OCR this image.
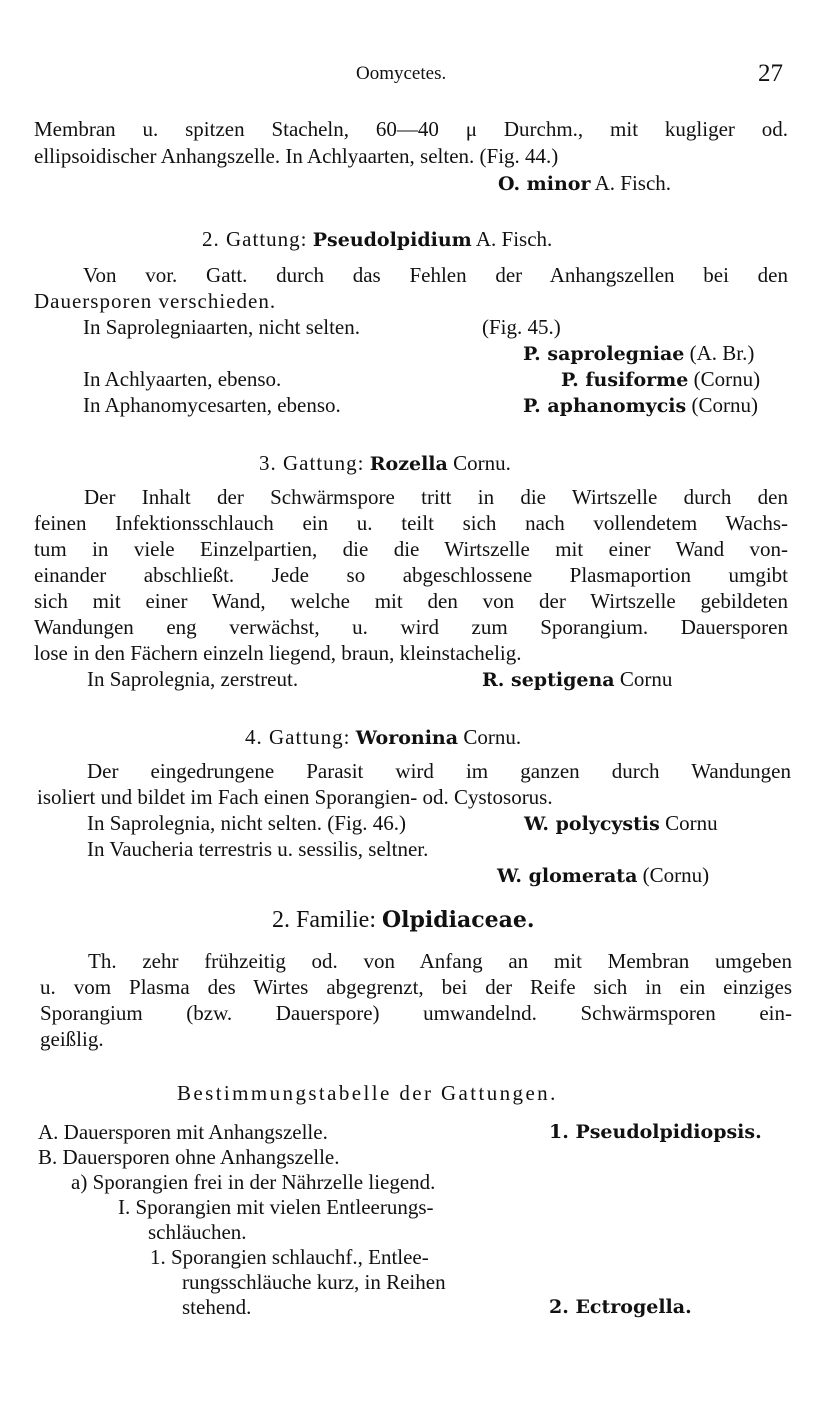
Oomycetes.	27
Membran u. spitzen Stacheln, 60—40 μ Durchm., mit kugliger od.
ellipsoidischer Anhangszelle. In Achlyaarten, selten. (Fig. 44.)
O. minor A. Fisch.
2. Gattung: Pseudolpidium A. Fisch.
Von vor. Gatt. durch das Fehlen der Anhangszellen bei den
Dauersporen verschieden.
In Saprolegniaarten, nicht selten.	(Fig. 45.)
P. saprolegniae (A. Br.)
In Achlyaarten, ebenso.	P. fusiforme (Cornu)
In Aphanomycesarten, ebenso.	P. aphanomycis (Cornu)
3. Gattung: Rozella Cornu.
Der Inhalt der Schwärmspore tritt in die Wirtszelle durch den
feinen Infektionsschlauch ein u. teilt sich nach vollendetem Wachs-
tum in viele Einzelpartien, die die Wirtszelle mit einer Wand von-
einander abschließt. Jede so abgeschlossene Plasmaportion umgibt
sich mit einer Wand, welche mit den von der Wirtszelle gebildeten
Wandungen eng verwächst, u. wird zum Sporangium. Dauersporen
lose in den Fächern einzeln liegend, braun, kleinstachelig.
In Saprolegnia, zerstreut.	R. septigena Cornu
4. Gattung: Woronina Cornu.
Der eingedrungene Parasit wird im ganzen durch Wandungen
isoliert und bildet im Fach einen Sporangien- od. Cystosorus.
In Saprolegnia, nicht selten. (Fig. 46.)	W. polycystis Cornu
In Vaucheria terrestris u. sessilis, seltner.
W. glomerata (Cornu)
2. Familie: Olpidiaceae.
Th. zehr frühzeitig od. von Anfang an mit Membran umgeben
u. vom Plasma des Wirtes abgegrenzt, bei der Reife sich in ein einziges
Sporangium (bzw. Dauerspore) umwandelnd. Schwärmsporen ein-
geißlig.
Bestimmungstabelle der Gattungen.
A. Dauersporen mit Anhangszelle.	1. Pseudolpidiopsis.
B. Dauersporen ohne Anhangszelle.
a) Sporangien frei in der Nährzelle liegend.
I. Sporangien mit vielen Entleerungs-
schläuchen.
1. Sporangien schlauchf., Entlee-
rungsschläuche kurz, in Reihen
stehend.	2. Ectrogella.
